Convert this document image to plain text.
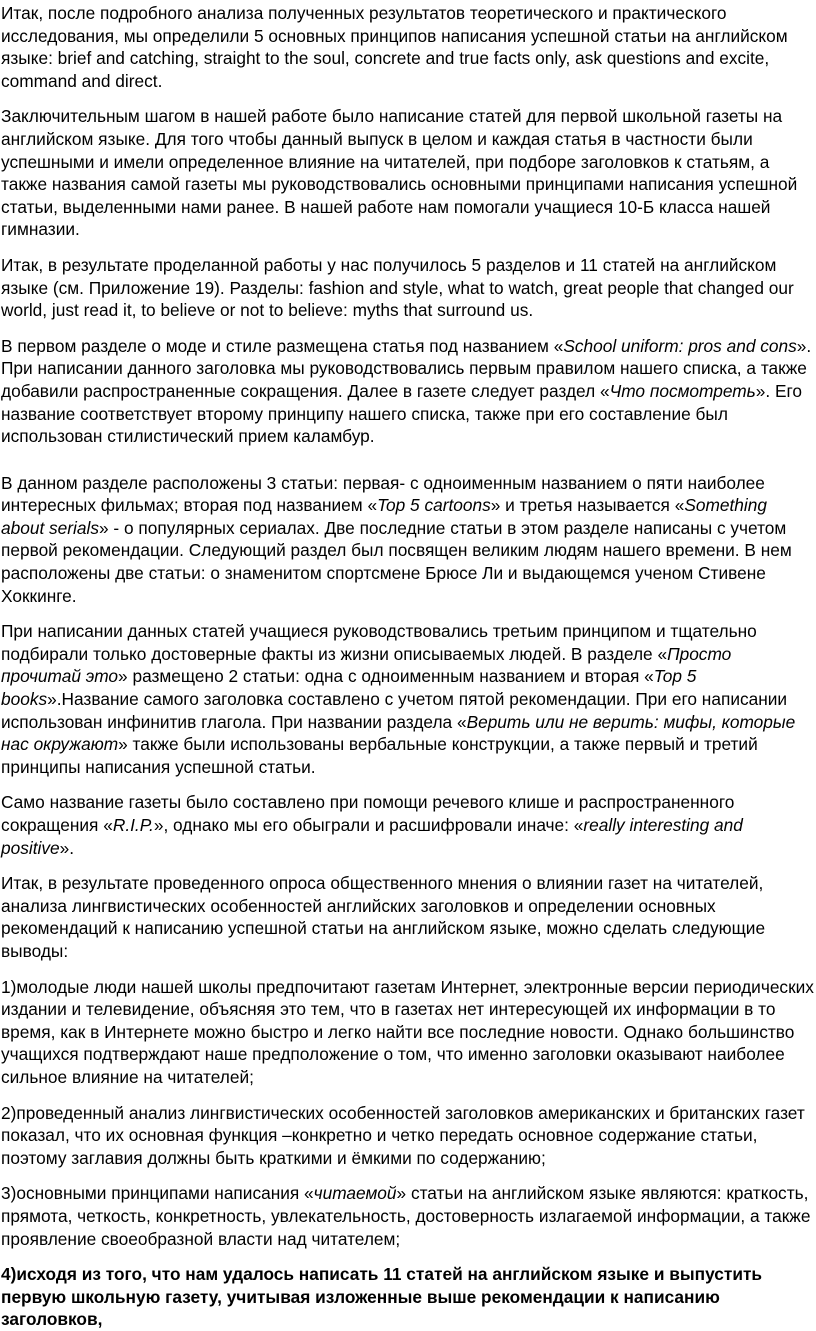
Итак, после подробного анализа полученных результатов теоретического и практического исследования, мы определили 5 основных принципов написания успешной статьи на английском языке: brief and catching, straight to the soul, concrete and true facts only, ask questions and excite, command and direct.

Заключительным шагом в нашей работе было написание статей для первой школьной газеты на английском языке. Для того чтобы данный выпуск в целом и каждая статья в частности были успешными и имели определенное влияние на читателей, при подборе заголовков к статьям, а также названия самой газеты мы руководствовались основными принципами написания успешной статьи, выделенными нами ранее. В нашей работе нам помогали учащиеся 10-Б класса нашей гимназии.

Итак, в результате проделанной работы у нас получилось 5 разделов и 11 статей на английском языке (см. Приложение 19). Разделы: fashion and style, what to watch, great people that changed our world, just read it, to believe or not to believe: myths that surround us.

В первом разделе о моде и стиле размещена статья под названием «School uniform: pros and cons». При написании данного заголовка мы руководствовались первым правилом нашего списка, а также добавили распространенные сокращения. Далее в газете следует раздел «Что посмотреть». Его название соответствует второму принципу нашего списка, также при его составление был использован стилистический прием каламбур.

В данном разделе расположены 3 статьи: первая- с одноименным названием о пяти наиболее интересных фильмах; вторая под названием «Top 5 cartoons» и третья называется «Something about serials» - о популярных сериалах. Две последние статьи в этом разделе написаны с учетом первой рекомендации. Следующий раздел был посвящен великим людям нашего времени. В нем расположены две статьи: о знаменитом спортсмене Брюсе Ли и выдающемся ученом Стивене Хоккинге.

При написании данных статей учащиеся руководствовались третьим принципом и тщательно подбирали только достоверные факты из жизни описываемых людей. В разделе «Просто прочитай это» размещено 2 статьи: одна с одноименным названием и вторая «Top 5 books».Название самого заголовка составлено с учетом пятой рекомендации. При его написании использован инфинитив глагола. При названии раздела «Верить или не верить: мифы, которые нас окружают» также были использованы вербальные конструкции, а также первый и третий принципы написания успешной статьи.

Само название газеты было составлено при помощи речевого клише и распространенного сокращения «R.I.P.», однако мы его обыграли и расшифровали иначе: «really interesting and positive».

Итак, в результате проведенного опроса общественного мнения о влиянии газет на читателей, анализа лингвистических особенностей английских заголовков и определении основных рекомендаций к написанию успешной статьи на английском языке, можно сделать следующие выводы:

1)молодые люди нашей школы предпочитают газетам Интернет, электронные версии периодических издании и телевидение, объясняя это тем, что в газетах нет интересующей их информации в то время, как в Интернете можно быстро и легко найти все последние новости. Однако большинство учащихся подтверждают наше предположение о том, что именно заголовки оказывают наиболее сильное влияние на читателей;

2)проведенный анализ лингвистических особенностей заголовков американских и британских газет показал, что их основная функция –конкретно и четко передать основное содержание статьи, поэтому заглавия должны быть краткими и ёмкими по содержанию;

3)основными принципами написания «читаемой» статьи на английском языке являются: краткость, прямота, четкость, конкретность, увлекательность, достоверность излагаемой информации, а также проявление своеобразной власти над читателем;

4)исходя из того, что нам удалось написать 11 статей на английском языке и выпустить первую школьную газету, учитывая изложенные выше рекомендации к написанию заголовков,
